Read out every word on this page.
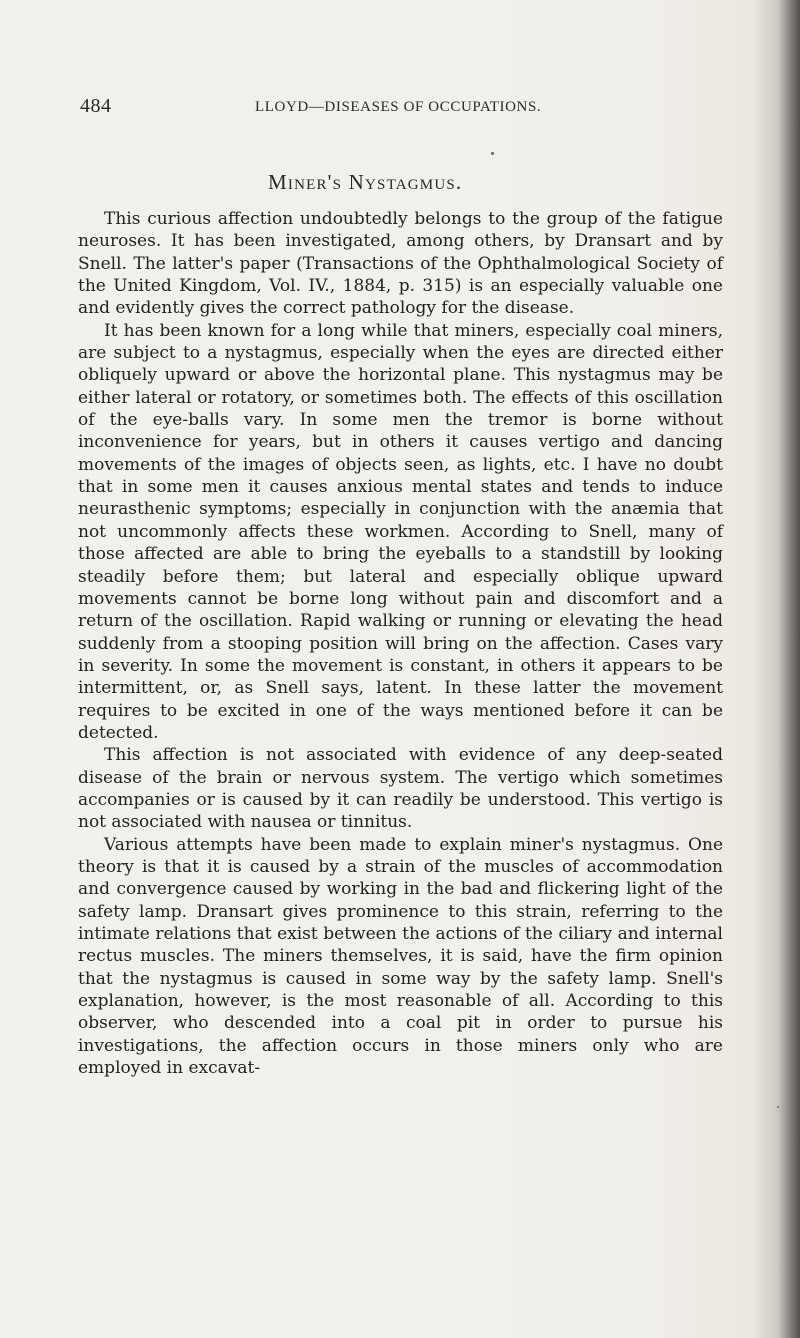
484	LLOYD—DISEASES OF OCCUPATIONS.
Miner's Nystagmus.

This curious affection undoubtedly belongs to the group of the fatigue neuroses. It has been investigated, among others, by Dransart and by Snell. The latter's paper (Transactions of the Ophthalmological Society of the United Kingdom, Vol. IV., 1884, p. 315) is an especially valuable one and evidently gives the correct pathology for the disease.

It has been known for a long while that miners, especially coal miners, are subject to a nystagmus, especially when the eyes are directed either obliquely upward or above the horizontal plane. This nystagmus may be either lateral or rotatory, or sometimes both. The effects of this oscillation of the eye-balls vary. In some men the tremor is borne without inconvenience for years, but in others it causes vertigo and dancing movements of the images of objects seen, as lights, etc. I have no doubt that in some men it causes anxious mental states and tends to induce neurasthenic symptoms; especially in conjunction with the anæmia that not uncommonly affects these workmen. According to Snell, many of those affected are able to bring the eyeballs to a standstill by looking steadily before them; but lateral and especially oblique upward movements cannot be borne long without pain and discomfort and a return of the oscillation. Rapid walking or running or elevating the head suddenly from a stooping position will bring on the affection. Cases vary in severity. In some the movement is constant, in others it appears to be intermittent, or, as Snell says, latent. In these latter the movement requires to be excited in one of the ways mentioned before it can be detected.

This affection is not associated with evidence of any deep-seated disease of the brain or nervous system. The vertigo which sometimes accompanies or is caused by it can readily be understood. This vertigo is not associated with nausea or tinnitus.

Various attempts have been made to explain miner's nystagmus. One theory is that it is caused by a strain of the muscles of accommodation and convergence caused by working in the bad and flickering light of the safety lamp. Dransart gives prominence to this strain, referring to the intimate relations that exist between the actions of the ciliary and internal rectus muscles. The miners themselves, it is said, have the firm opinion that the nystagmus is caused in some way by the safety lamp. Snell's explanation, however, is the most reasonable of all. According to this observer, who descended into a coal pit in order to pursue his investigations, the affection occurs in those miners only who are employed in excavat-
